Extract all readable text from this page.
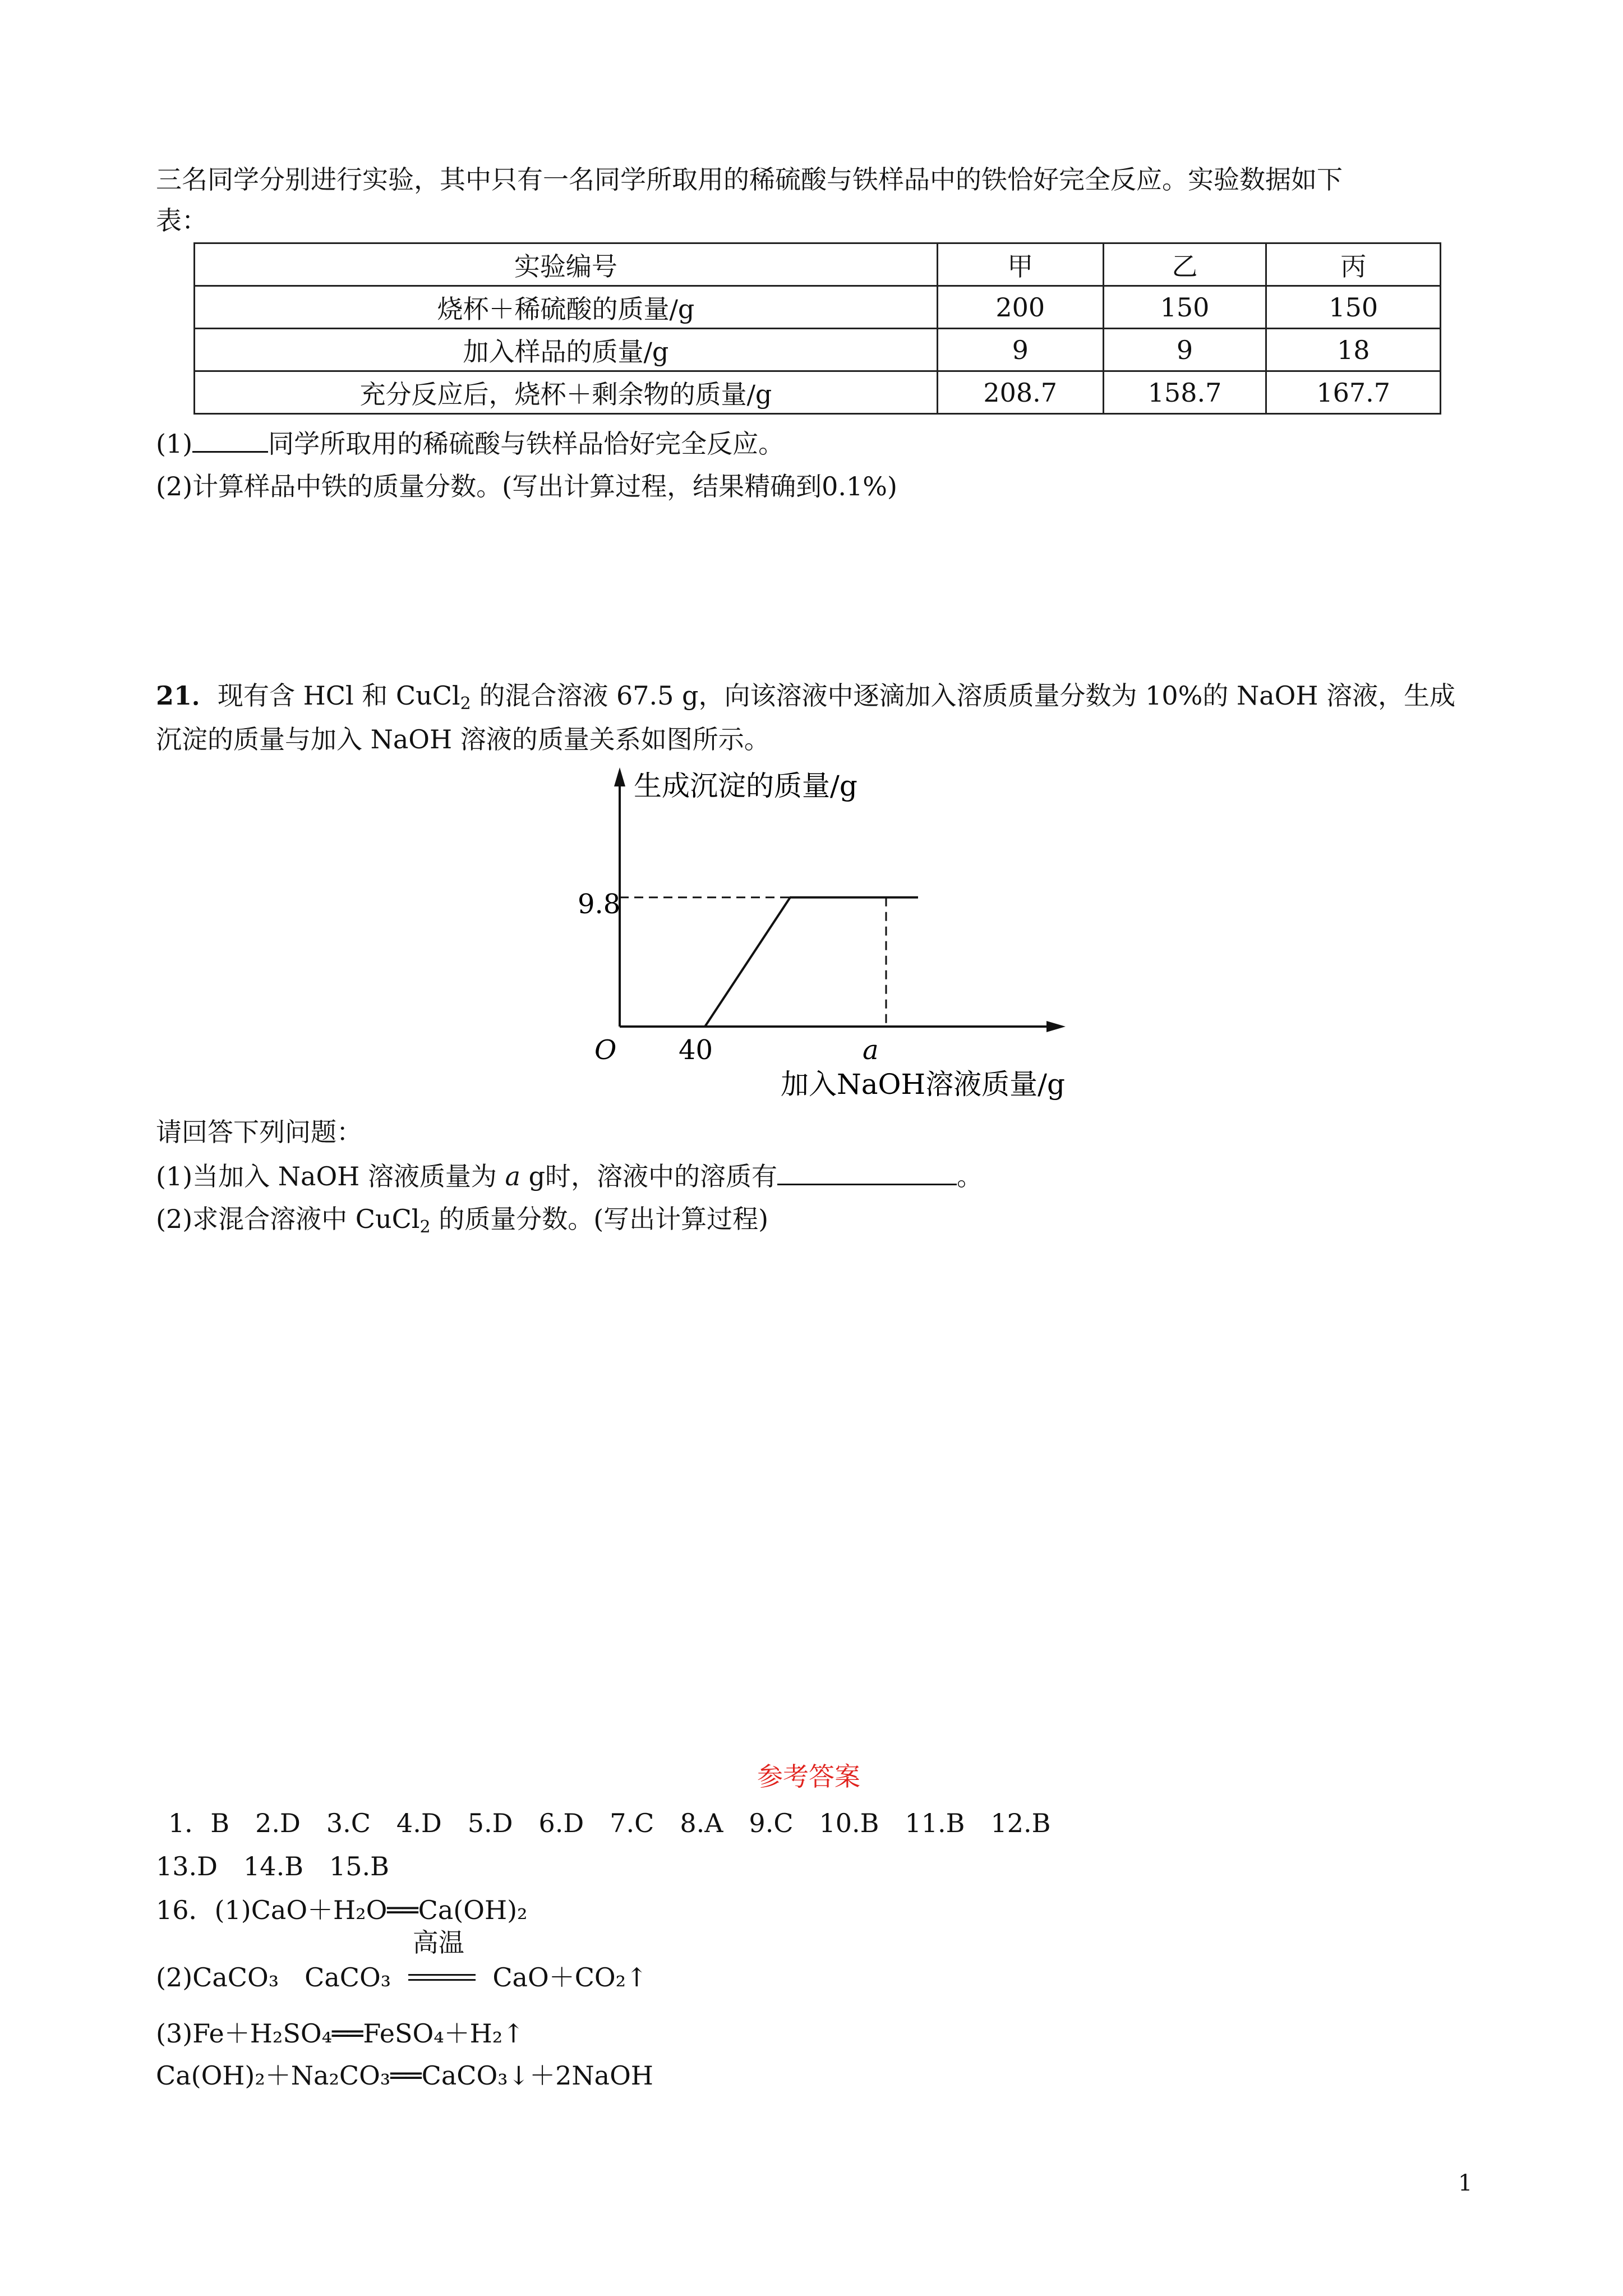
三名同学分别进行实验，其中只有一名同学所取用的稀硫酸与铁样品中的铁恰好完全反应。实验数据如下
表：
实验编号	甲	乙	丙
烧杯＋稀硫酸的质量/g	200	150	150
加入样品的质量/g	9	9	18
充分反应后，烧杯＋剩余物的质量/g	208.7	158.7	167.7
(1)	同学所取用的稀硫酸与铁样品恰好完全反应。
(2)计算样品中铁的质量分数。(写出计算过程，结果精确到0.1%)
21．现有含 HCl 和 CuCl$_2$ 的混合溶液 67.5 g，向该溶液中逐滴加入溶质质量分数为 10%的 NaOH 溶液，生成
沉淀的质量与加入 NaOH 溶液的质量关系如图所示。
生成沉淀的质量/g
9.8
O 40	a
加入NaOH溶液质量/g
请回答下列问题：
(1)当加入 NaOH 溶液质量为 a g时，溶液中的溶质有	。
(2)求混合溶液中 CuCl$_2$ 的质量分数。(写出计算过程)
参考答案
1．B　2.D　3.C　4.D　5.D　6.D　7.C　8.A　9.C　10.B　11.B　12.B
13.D　14.B　15.B
16．(1)CaO＋H₂O══Ca(OH)₂
(2)CaCO₃　CaCO₃
高温
CaO＋CO₂↑
(3)Fe＋H₂SO₄══FeSO₄＋H₂↑
Ca(OH)₂＋Na₂CO₃══CaCO₃↓＋2NaOH
1
